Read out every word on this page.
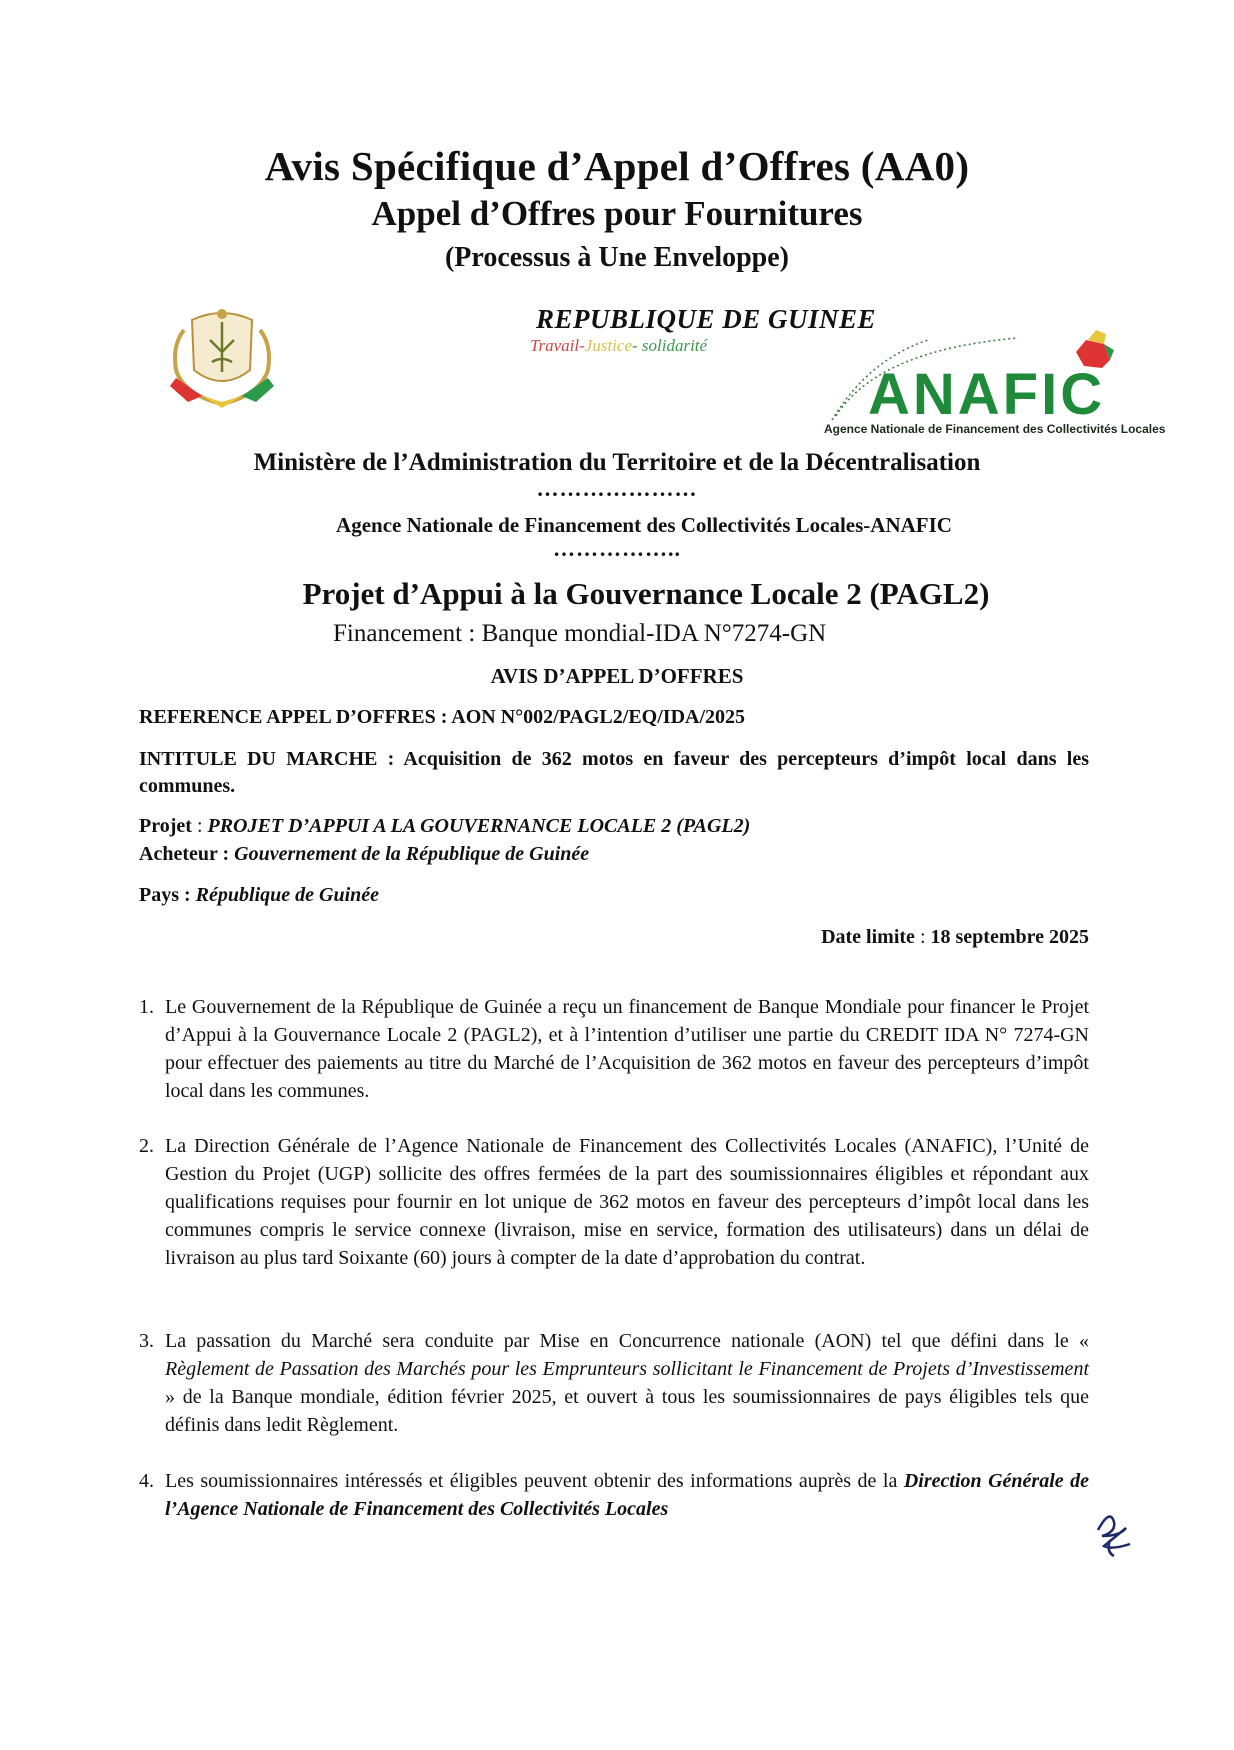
Avis Spécifique d’Appel d’Offres (AA0)
Appel d’Offres pour Fournitures
(Processus à Une Enveloppe)
REPUBLIQUE DE GUINEE
Travail-Justice- solidarité
ANAFIC
Agence Nationale de Financement des Collectivités Locales
Ministère de l’Administration du Territoire et de la Décentralisation
…………………
Agence Nationale de Financement des Collectivités Locales-ANAFIC
……………..
Projet d’Appui à la Gouvernance Locale 2 (PAGL2)
Financement : Banque mondial-IDA N°7274-GN
AVIS D’APPEL D’OFFRES
REFERENCE APPEL D’OFFRES : AON N°002/PAGL2/EQ/IDA/2025
INTITULE DU MARCHE : Acquisition de 362 motos en faveur des percepteurs d’impôt local dans les communes.
Projet : PROJET D’APPUI A LA GOUVERNANCE LOCALE 2 (PAGL2)
Acheteur : Gouvernement de la République de Guinée
Pays : République de Guinée
Date limite : 18 septembre 2025
1. Le Gouvernement de la République de Guinée a reçu un financement de Banque Mondiale pour financer le Projet d’Appui à la Gouvernance Locale 2 (PAGL2), et à l’intention d’utiliser une partie du CREDIT IDA N° 7274-GN pour effectuer des paiements au titre du Marché de l’Acquisition de 362 motos en faveur des percepteurs d’impôt local dans les communes.
2. La Direction Générale de l’Agence Nationale de Financement des Collectivités Locales (ANAFIC), l’Unité de Gestion du Projet (UGP) sollicite des offres fermées de la part des soumissionnaires éligibles et répondant aux qualifications requises pour fournir en lot unique de 362 motos en faveur des percepteurs d’impôt local dans les communes compris le service connexe (livraison, mise en service, formation des utilisateurs) dans un délai de livraison au plus tard Soixante (60) jours à compter de la date d’approbation du contrat.
3. La passation du Marché sera conduite par Mise en Concurrence nationale (AON) tel que défini dans le « Règlement de Passation des Marchés pour les Emprunteurs sollicitant le Financement de Projets d’Investissement » de la Banque mondiale, édition février 2025, et ouvert à tous les soumissionnaires de pays éligibles tels que définis dans ledit Règlement.
4. Les soumissionnaires intéressés et éligibles peuvent obtenir des informations auprès de la Direction Générale de l’Agence Nationale de Financement des Collectivités Locales
